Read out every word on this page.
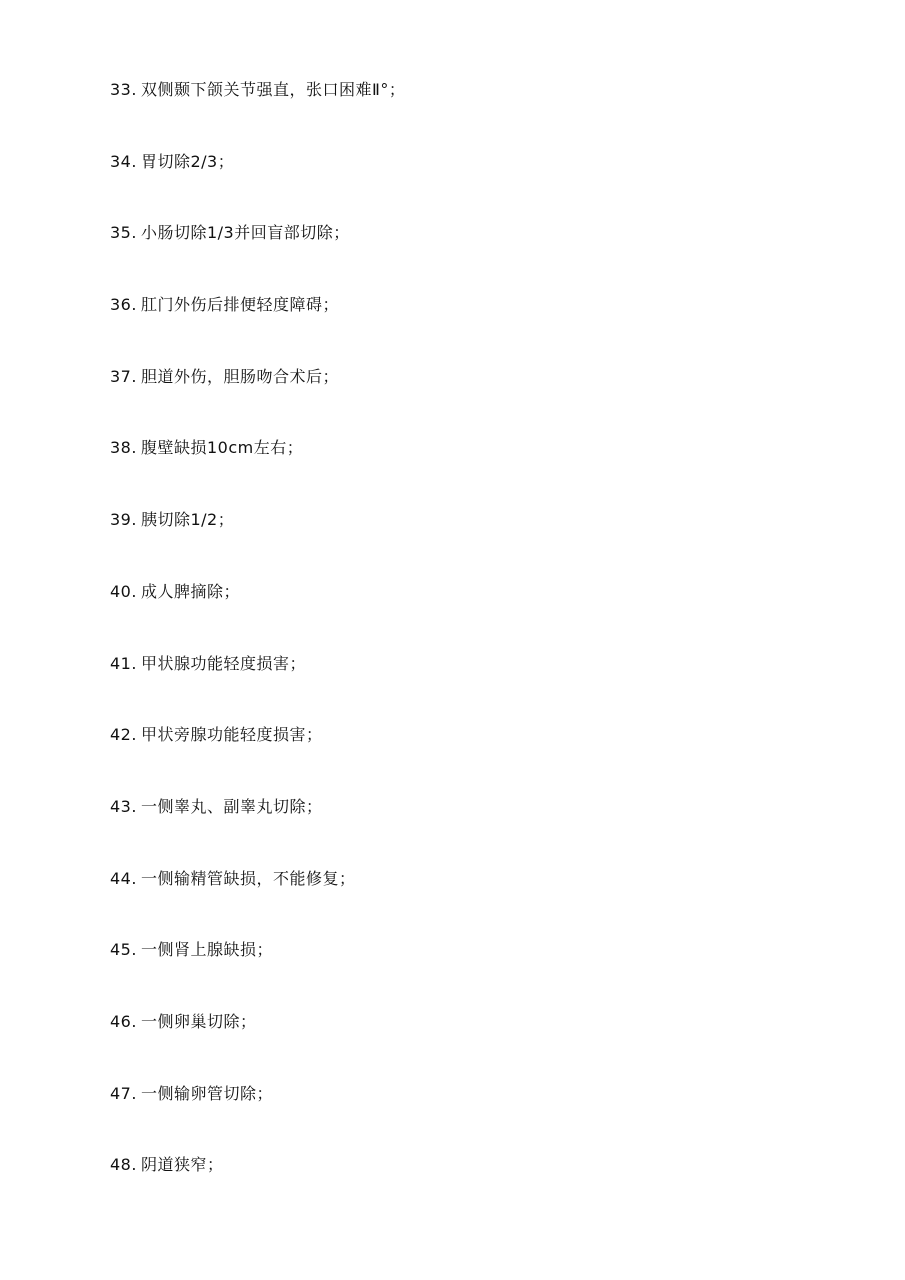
33. 双侧颞下颌关节强直，张口困难Ⅱ°；
34. 胃切除2/3；
35. 小肠切除1/3并回盲部切除；
36. 肛门外伤后排便轻度障碍；
37. 胆道外伤，胆肠吻合术后；
38. 腹壁缺损10cm左右；
39. 胰切除1/2；
40. 成人脾摘除；
41. 甲状腺功能轻度损害；
42. 甲状旁腺功能轻度损害；
43. 一侧睾丸、副睾丸切除；
44. 一侧输精管缺损，不能修复；
45. 一侧肾上腺缺损；
46. 一侧卵巢切除；
47. 一侧输卵管切除；
48. 阴道狭窄；
